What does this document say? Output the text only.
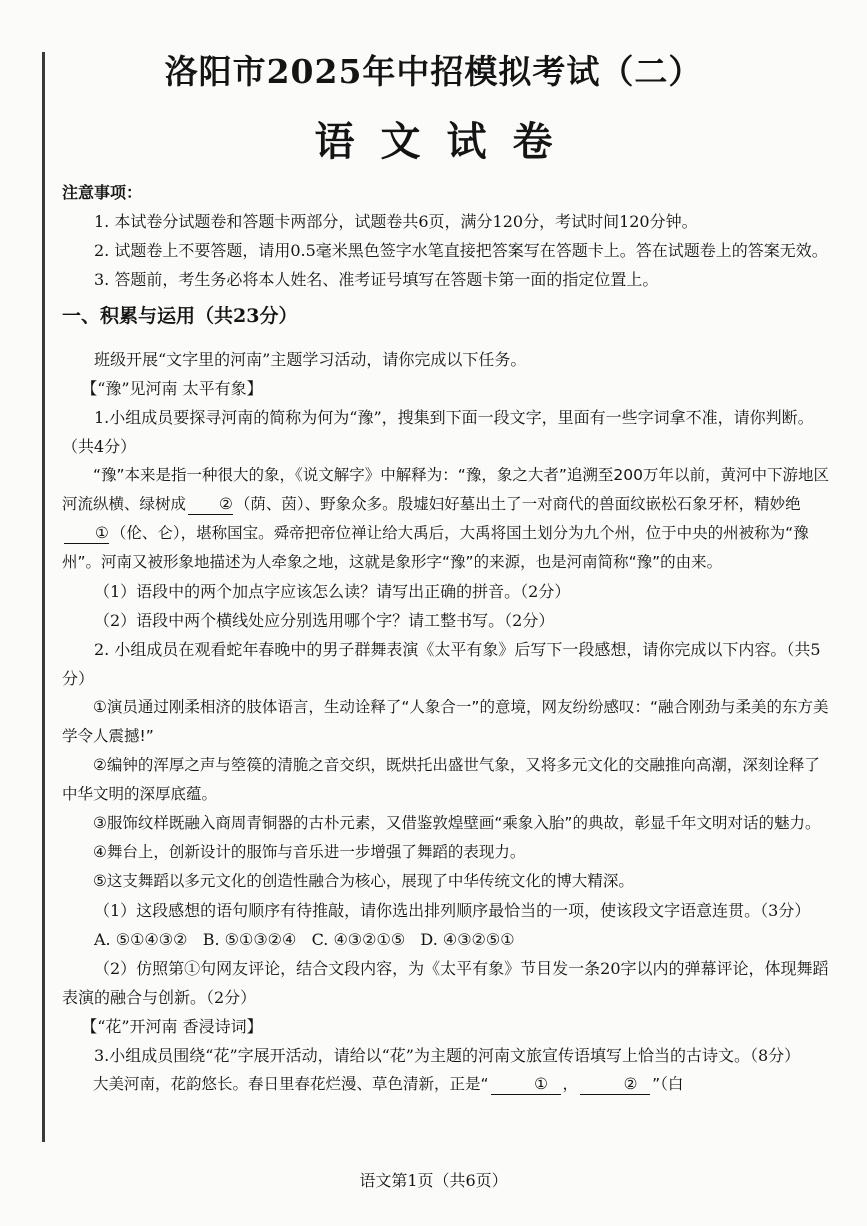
洛阳市2025年中招模拟考试（二）
语文试卷

注意事项：

1. 本试卷分试题卷和答题卡两部分，试题卷共6页，满分120分，考试时间120分钟。

2. 试题卷上不要答题，请用0.5毫米黑色签字水笔直接把答案写在答题卡上。答在试题卷上的答案无效。

3. 答题前，考生务必将本人姓名、准考证号填写在答题卡第一面的指定位置上。

一、积累与运用（共23分）

班级开展“文字里的河南”主题学习活动，请你完成以下任务。

【“豫”见河南 太平有象】

1.小组成员要探寻河南的简称为何为“豫”，搜集到下面一段文字，里面有一些字词拿不准，请你判断。（共4分）

“豫”本来是指一种很大的象，《说文解字》中解释为：“豫，象之大者”追溯至200万年以前，黄河中下游地区河流纵横、绿树成 ② （荫、茵）、野象众多。殷墟妇好墓出土了一对商代的兽面纹嵌松石象牙杯，精妙绝① （伦、仑），堪称国宝。舜帝把帝位禅让给大禹后，大禹将国土划分为九个州，位于中央的州被称为“豫州”。河南又被形象地描述为人牵象之地，这就是象形字“豫”的来源，也是河南简称“豫”的由来。

（1）语段中的两个加点字应该怎么读？请写出正确的拼音。（2分）

（2）语段中两个横线处应分别选用哪个字？请工整书写。（2分）

2. 小组成员在观看蛇年春晚中的男子群舞表演《太平有象》后写下一段感想，请你完成以下内容。（共5分）

①演员通过刚柔相济的肢体语言，生动诠释了“人象合一”的意境，网友纷纷感叹：“融合刚劲与柔美的东方美学令人震撼!”

②编钟的浑厚之声与箜篌的清脆之音交织，既烘托出盛世气象，又将多元文化的交融推向高潮，深刻诠释了中华文明的深厚底蕴。

③服饰纹样既融入商周青铜器的古朴元素，又借鉴敦煌壁画“乘象入胎”的典故，彰显千年文明对话的魅力。

④舞台上，创新设计的服饰与音乐进一步增强了舞蹈的表现力。

⑤这支舞蹈以多元文化的创造性融合为核心，展现了中华传统文化的博大精深。

（1）这段感想的语句顺序有待推敲，请你选出排列顺序最恰当的一项，使该段文字语意连贯。（3分）

A. ⑤①④③②   B. ⑤①③②④   C. ④③②①⑤   D. ④③②⑤①

（2）仿照第①句网友评论，结合文段内容，为《太平有象》节目发一条20字以内的弹幕评论，体现舞蹈表演的融合与创新。（2分）

【“花”开河南 香浸诗词】

3.小组成员围绕“花”字展开活动，请给以“花”为主题的河南文旅宣传语填写上恰当的古诗文。（8分）

大美河南，花韵悠长。春日里春花烂漫、草色清新，正是“	① ，	② ”（白

语文第1页（共6页）
